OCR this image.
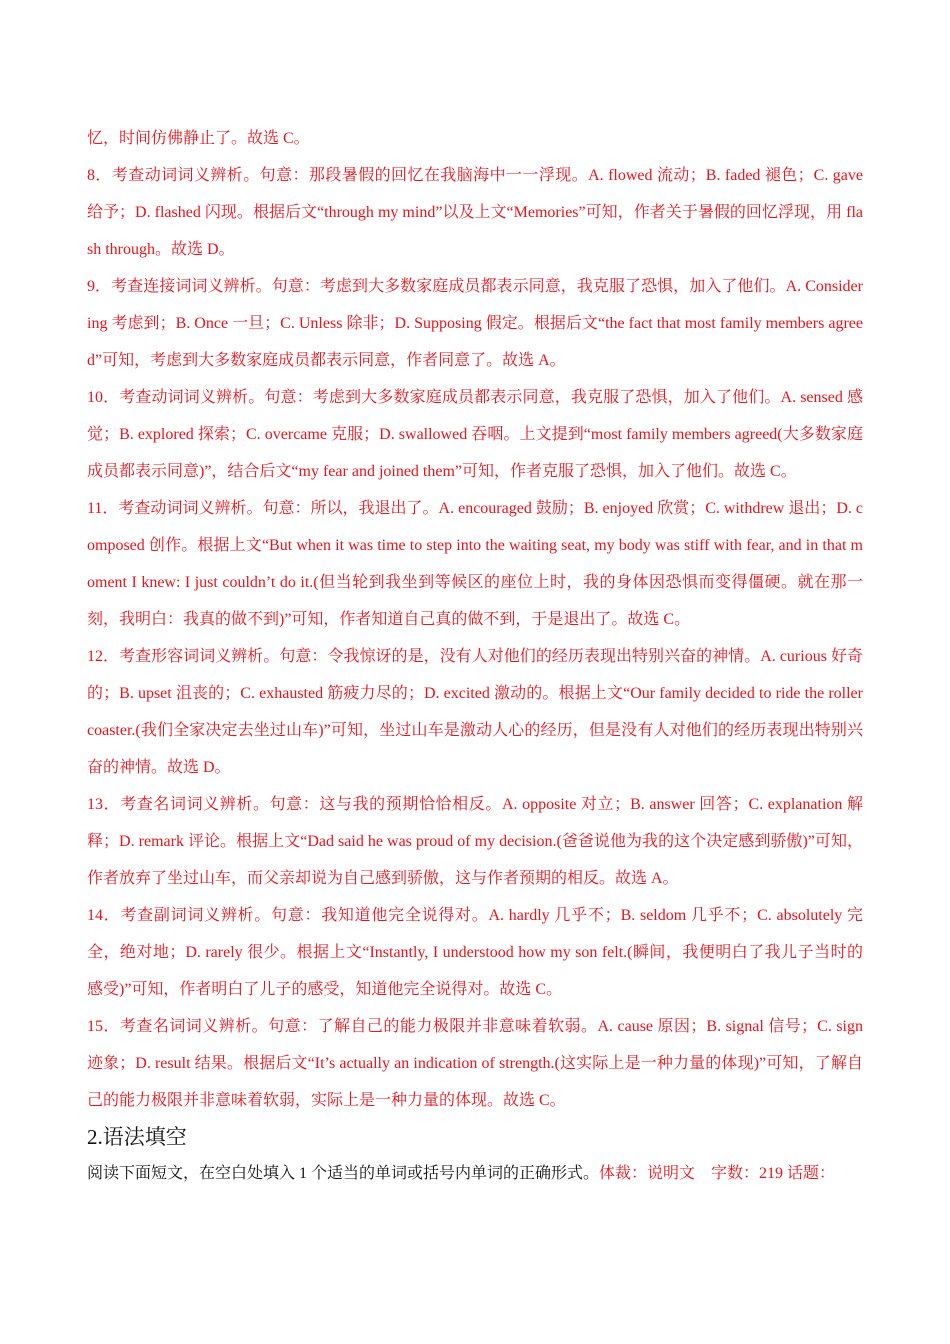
忆，时间仿佛静止了。故选 C。

8．考查动词词义辨析。句意：那段暑假的回忆在我脑海中一一浮现。A. flowed 流动；B. faded 褪色；C. gave 给予；D. flashed 闪现。根据后文“through my mind”以及上文“Memories”可知，作者关于暑假的回忆浮现，用 flash through。故选 D。

9．考查连接词词义辨析。句意：考虑到大多数家庭成员都表示同意，我克服了恐惧，加入了他们。A. Considering 考虑到；B. Once 一旦；C. Unless 除非；D. Supposing 假定。根据后文“the fact that most family members agreed”可知，考虑到大多数家庭成员都表示同意，作者同意了。故选 A。

10．考查动词词义辨析。句意：考虑到大多数家庭成员都表示同意，我克服了恐惧，加入了他们。A. sensed 感觉；B. explored 探索；C. overcame 克服；D. swallowed 吞咽。上文提到“most family members agreed(大多数家庭成员都表示同意)”，结合后文“my fear and joined them”可知，作者克服了恐惧，加入了他们。故选 C。

11．考查动词词义辨析。句意：所以，我退出了。A. encouraged 鼓励；B. enjoyed 欣赏；C. withdrew 退出；D. composed 创作。根据上文“But when it was time to step into the waiting seat, my body was stiff with fear, and in that moment I knew: I just couldn’t do it.(但当轮到我坐到等候区的座位上时，我的身体因恐惧而变得僵硬。就在那一刻，我明白：我真的做不到)”可知，作者知道自己真的做不到，于是退出了。故选 C。

12．考查形容词词义辨析。句意：令我惊讶的是，没有人对他们的经历表现出特别兴奋的神情。A. curious 好奇的；B. upset 沮丧的；C. exhausted 筋疲力尽的；D. excited 激动的。根据上文“Our family decided to ride the roller coaster.(我们全家决定去坐过山车)”可知，坐过山车是激动人心的经历，但是没有人对他们的经历表现出特别兴奋的神情。故选 D。

13．考查名词词义辨析。句意：这与我的预期恰恰相反。A. opposite 对立；B. answer 回答；C. explanation 解释；D. remark 评论。根据上文“Dad said he was proud of my decision.(爸爸说他为我的这个决定感到骄傲)”可知，作者放弃了坐过山车，而父亲却说为自己感到骄傲，这与作者预期的相反。故选 A。

14．考查副词词义辨析。句意：我知道他完全说得对。A. hardly 几乎不；B. seldom 几乎不；C. absolutely 完全，绝对地；D. rarely 很少。根据上文“Instantly, I understood how my son felt.(瞬间，我便明白了我儿子当时的感受)”可知，作者明白了儿子的感受，知道他完全说得对。故选 C。

15．考查名词词义辨析。句意：了解自己的能力极限并非意味着软弱。A. cause 原因；B. signal 信号；C. sign 迹象；D. result 结果。根据后文“It’s actually an indication of strength.(这实际上是一种力量的体现)”可知，了解自己的能力极限并非意味着软弱，实际上是一种力量的体现。故选 C。

2.语法填空

阅读下面短文，在空白处填入 1 个适当的单词或括号内单词的正确形式。体裁：说明文　字数：219 话题：
